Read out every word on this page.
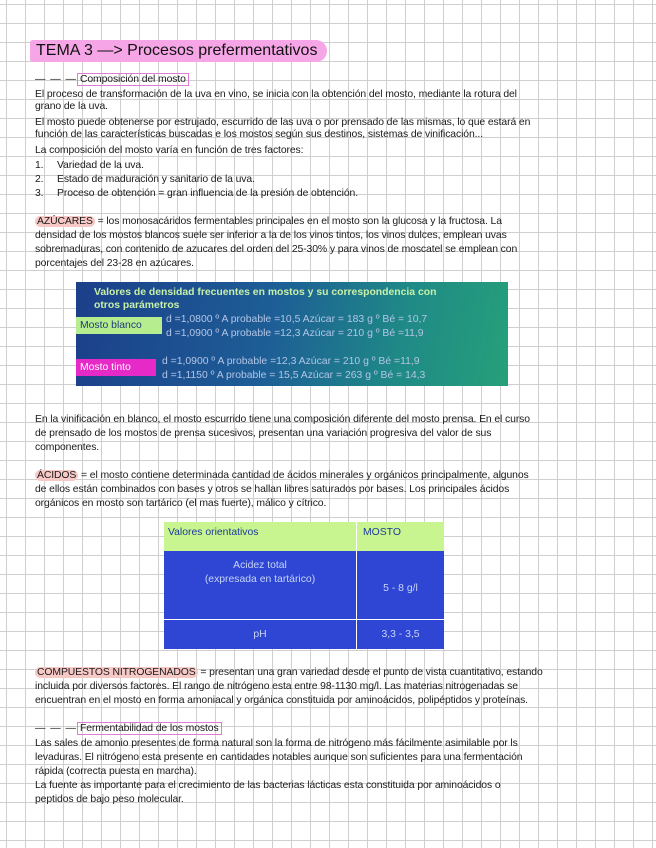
TEMA 3 —> Procesos prefermentativos
— — — Composición del mosto
El proceso de transformación de la uva en vino, se inicia con la obtención del mosto, mediante la rotura del
grano de la uva.
El mosto puede obtenerse por estrujado, escurrido de las uva o por prensado de las mismas, lo que estará en
función de las características buscadas e los mostos según sus destinos, sistemas de vinificación...
La composición del mosto varía en función de tres factores:
1. Variedad de la uva.
2. Estado de maduración y sanitario de la uva.
3. Proceso de obtención = gran influencia de la presión de obtención.
AZÚCARES = los monosacáridos fermentables principales en el mosto son la glucosa y la fructosa. La
densidad de los mostos blancos suele ser inferior a la de los vinos tintos, los vinos dulces, emplean uvas
sobremaduras, con contenido de azucares del orden del 25-30% y para vinos de moscatel se emplean con
porcentajes del 23-28 en azúcares.
Valores de densidad frecuentes en mostos y su correspondencia con
otros parámetros
Mosto blanco
d =1,0800 º A probable =10,5 Azúcar = 183 g º Bé = 10,7
d =1,0900 º A probable =12,3 Azúcar = 210 g º Bé =11,9
Mosto tinto
d =1,0900 º A probable =12,3 Azúcar = 210 g º Bé =11,9
d =1,1150 º A probable = 15,5 Azúcar = 263 g º Bé = 14,3
En la vinificación en blanco, el mosto escurrido tiene una composición diferente del mosto prensa. En el curso
de prensado de los mostos de prensa sucesivos, presentan una variación progresiva del valor de sus
componentes.
ÁCIDOS = el mosto contiene determinada cantidad de ácidos minerales y orgánicos principalmente, algunos
de ellos están combinados con bases y otros se hallan libres saturados por bases. Los principales ácidos
orgánicos en mosto son tartárico (el mas fuerte), málico y cítrico.
Valores orientativos	MOSTO
Acidez total
(expresada en tartárico)
5 - 8 g/l
pH	3,3 - 3,5
COMPUESTOS NITROGENADOS = presentan una gran variedad desde el punto de vista cuantitativo, estando
incluida por diversos factores. El rango de nitrógeno esta entre 98-1130 mg/l. Las materias nitrogenadas se
encuentran en el mosto en forma amoniacal y orgánica constituida por aminoácidos, polipéptidos y proteínas.
— — — Fermentabilidad de los mostos
Las sales de amonio presentes de forma natural son la forma de nitrógeno más fácilmente asimilable por ls
levaduras. El nitrógeno esta presente en cantidades notables aunque son suficientes para una fermentación
rápida (correcta puesta en marcha).
La fuente as importante para el crecimiento de las bacterias lácticas esta constituida por aminoácidos o
peptidos de bajo peso molecular.
